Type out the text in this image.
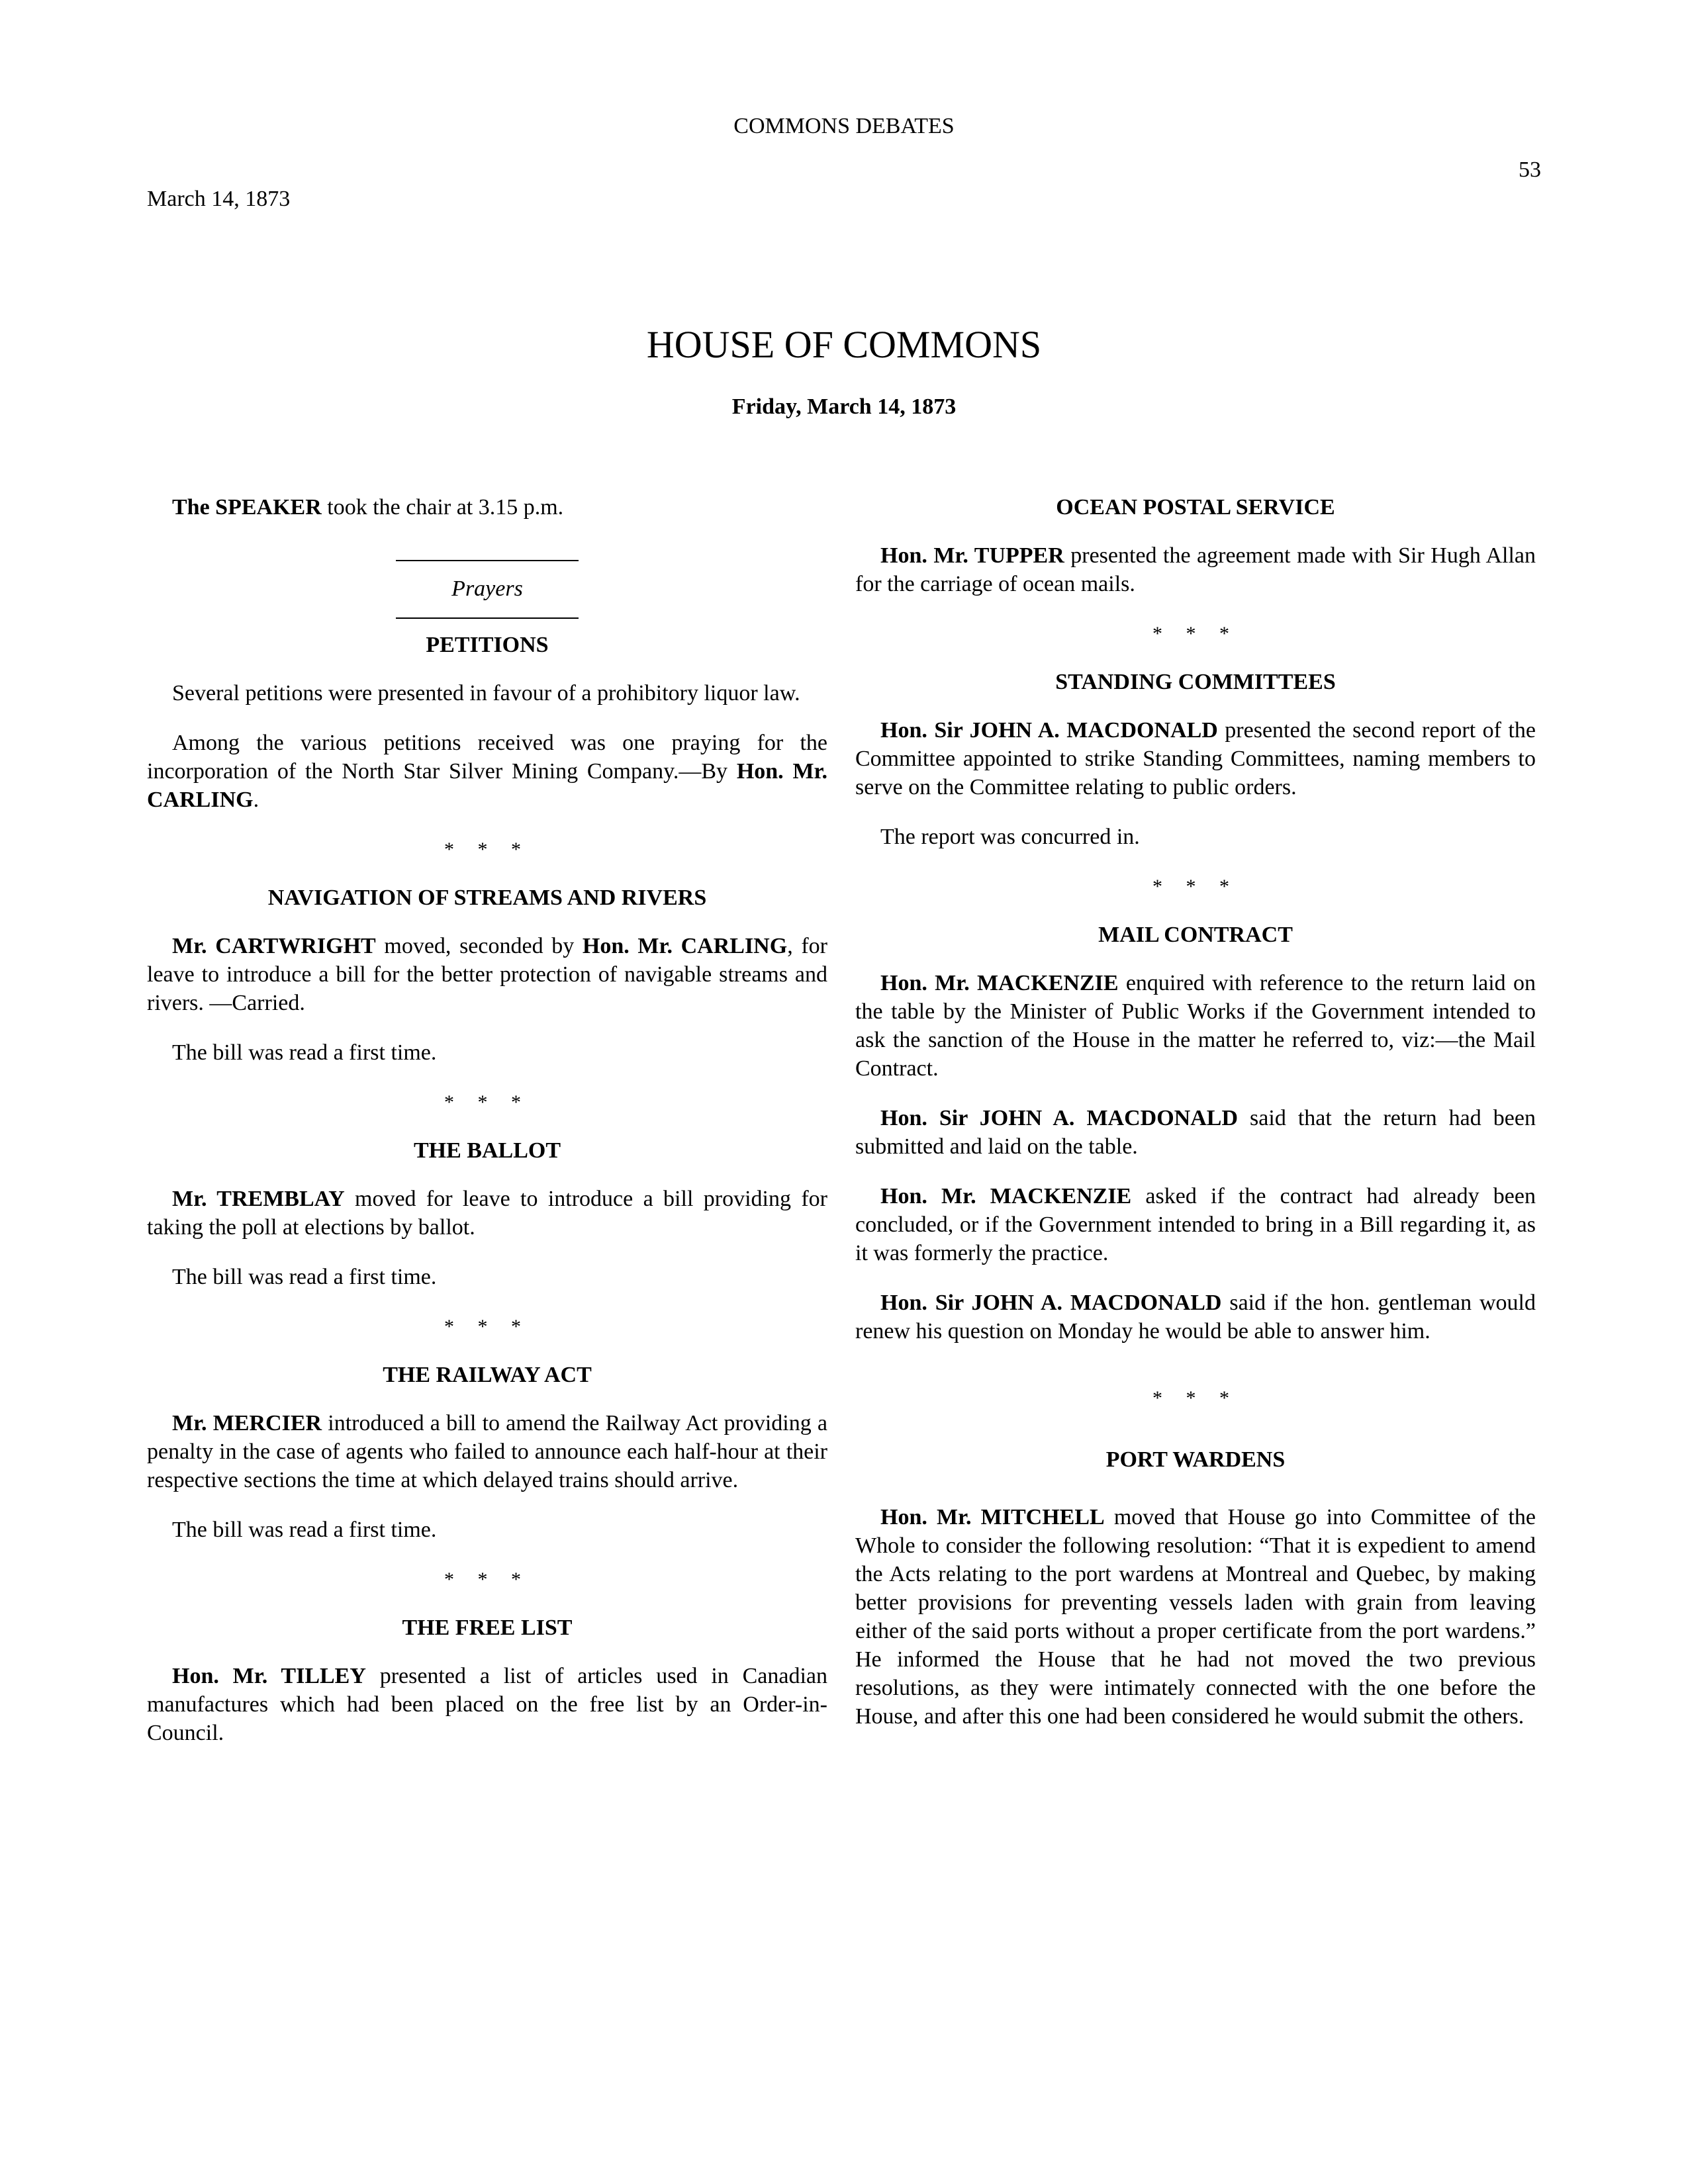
COMMONS DEBATES
March 14, 1873
53
HOUSE OF COMMONS
Friday, March 14, 1873

The SPEAKER took the chair at 3.15 p.m.

Prayers
PETITIONS

Several petitions were presented in favour of a prohibitory liquor law.

Among the various petitions received was one praying for the incorporation of the North Star Silver Mining Company.—By Hon. Mr. CARLING.

* * *
NAVIGATION OF STREAMS AND RIVERS

Mr. CARTWRIGHT moved, seconded by Hon. Mr. CARLING, for leave to introduce a bill for the better protection of navigable streams and rivers. —Carried.

The bill was read a first time.

* * *
THE BALLOT

Mr. TREMBLAY moved for leave to introduce a bill providing for taking the poll at elections by ballot.

The bill was read a first time.

* * *
THE RAILWAY ACT

Mr. MERCIER introduced a bill to amend the Railway Act providing a penalty in the case of agents who failed to announce each half-hour at their respective sections the time at which delayed trains should arrive.

The bill was read a first time.

* * *
THE FREE LIST

Hon. Mr. TILLEY presented a list of articles used in Canadian manufactures which had been placed on the free list by an Order-in-Council.

OCEAN POSTAL SERVICE

Hon. Mr. TUPPER presented the agreement made with Sir Hugh Allan for the carriage of ocean mails.

* * *
STANDING COMMITTEES

Hon. Sir JOHN A. MACDONALD presented the second report of the Committee appointed to strike Standing Committees, naming members to serve on the Committee relating to public orders.

The report was concurred in.

* * *
MAIL CONTRACT

Hon. Mr. MACKENZIE enquired with reference to the return laid on the table by the Minister of Public Works if the Government intended to ask the sanction of the House in the matter he referred to, viz:—the Mail Contract.

Hon. Sir JOHN A. MACDONALD said that the return had been submitted and laid on the table.

Hon. Mr. MACKENZIE asked if the contract had already been concluded, or if the Government intended to bring in a Bill regarding it, as it was formerly the practice.

Hon. Sir JOHN A. MACDONALD said if the hon. gentleman would renew his question on Monday he would be able to answer him.

* * *
PORT WARDENS

Hon. Mr. MITCHELL moved that House go into Committee of the Whole to consider the following resolution: “That it is expedient to amend the Acts relating to the port wardens at Montreal and Quebec, by making better provisions for preventing vessels laden with grain from leaving either of the said ports without a proper certificate from the port wardens.” He informed the House that he had not moved the two previous resolutions, as they were intimately connected with the one before the House, and after this one had been considered he would submit the others.
